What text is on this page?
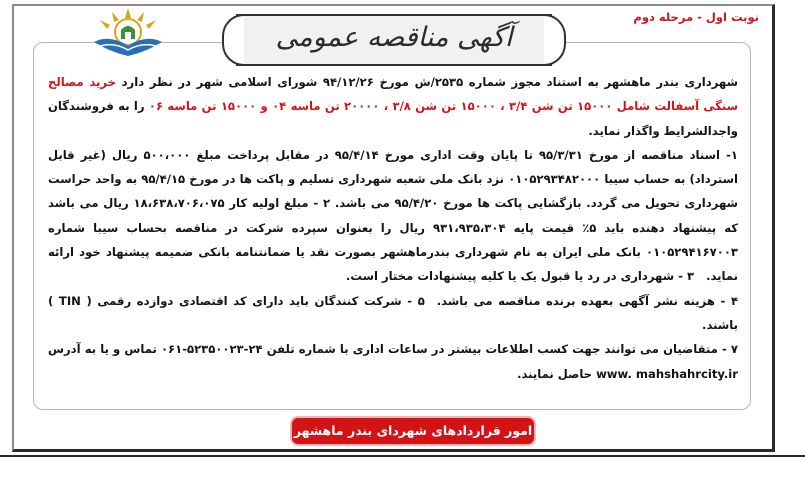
نوبت اول - مرحله دوم
آگهی مناقصه عمومی

شهرداری بندر ماهشهر به استناد مجوز شماره ۲۵۳۵/ش مورخ ۹۴/۱۲/۲۶ شورای اسلامی شهر در نظر دارد خرید مصالح سنگی آسفالت شامل ۱۵۰۰۰ تن شن ۳/۴ ، ۱۵۰۰۰ تن شن ۳/۸ ، ۲۰۰۰۰ تن ماسه ۰۴ و ۱۵۰۰۰ تن ماسه ۰۶ را به فروشندگان واجدالشرایط واگذار نماید.

۱- اسناد مناقصه از مورخ ۹۵/۳/۳۱ تا پایان وقت اداری مورخ ۹۵/۴/۱۴ در مقابل پرداخت مبلغ ۵۰۰،۰۰۰ ریال (غیر قابل استرداد) به حساب سیبا ۰۱۰۵۲۹۳۴۸۲۰۰۰ نزد بانک ملی شعبه شهرداری تسلیم و پاکت ها در مورخ ۹۵/۴/۱۵ به واحد حراست شهرداری تحویل می گردد. بازگشایی پاکت ها مورخ ۹۵/۴/۲۰ می باشد. ۲ - مبلغ اولیه کار ۱۸،۶۳۸،۷۰۶،۰۷۵ ریال می باشد که پیشنهاد دهنده باید ۵٪ قیمت پایه ۹۳۱،۹۳۵،۳۰۴ ریال را بعنوان سپرده شرکت در مناقصه بحساب سیبا شماره ۰۱۰۵۲۹۴۱۶۷۰۰۳ بانک ملی ایران به نام شهرداری بندرماهشهر بصورت نقد یا ضمانتنامه بانکی ضمیمه پیشنهاد خود ارائه نماید.۳ - شهرداری در رد یا قبول یک یا کلیه پیشنهادات مختار است.

۴ - هزینه نشر آگهی بعهده برنده مناقصه می باشد.۵ - شرکت کنندگان باید دارای کد اقتصادی دوازده رقمی ( TIN ) باشند.

۷ - متقاضیان می توانند جهت کسب اطلاعات بیشتر در ساعات اداری با شماره تلفن ۲۴-۵۲۳۵۰۰۲۳-۰۶۱ تماس و یا به آدرس www. mahshahrcity.ir حاصل نمایند.

امور قراردادهای شهردای بندر ماهشهر
